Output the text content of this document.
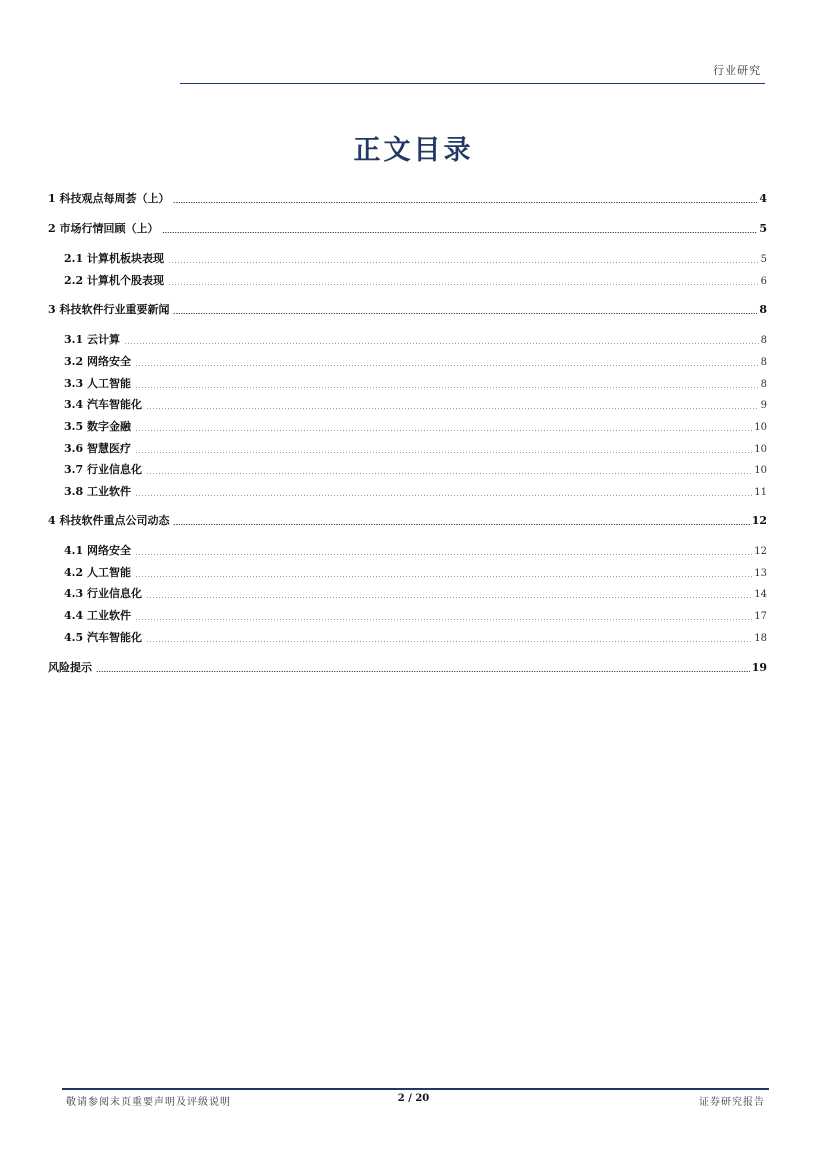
行业研究
正文目录
1 科技观点每周荟（上）	4
2 市场行情回顾（上）	5
2.1 计算机板块表现	5
2.2 计算机个股表现	6
3 科技软件行业重要新闻	8
3.1 云计算	8
3.2 网络安全	8
3.3 人工智能	8
3.4 汽车智能化	9
3.5 数字金融	10
3.6 智慧医疗	10
3.7 行业信息化	10
3.8 工业软件	11
4 科技软件重点公司动态	12
4.1 网络安全	12
4.2 人工智能	13
4.3 行业信息化	14
4.4 工业软件	17
4.5 汽车智能化	18
风险提示	19
敬请参阅末页重要声明及评级说明	2 / 20	证券研究报告
